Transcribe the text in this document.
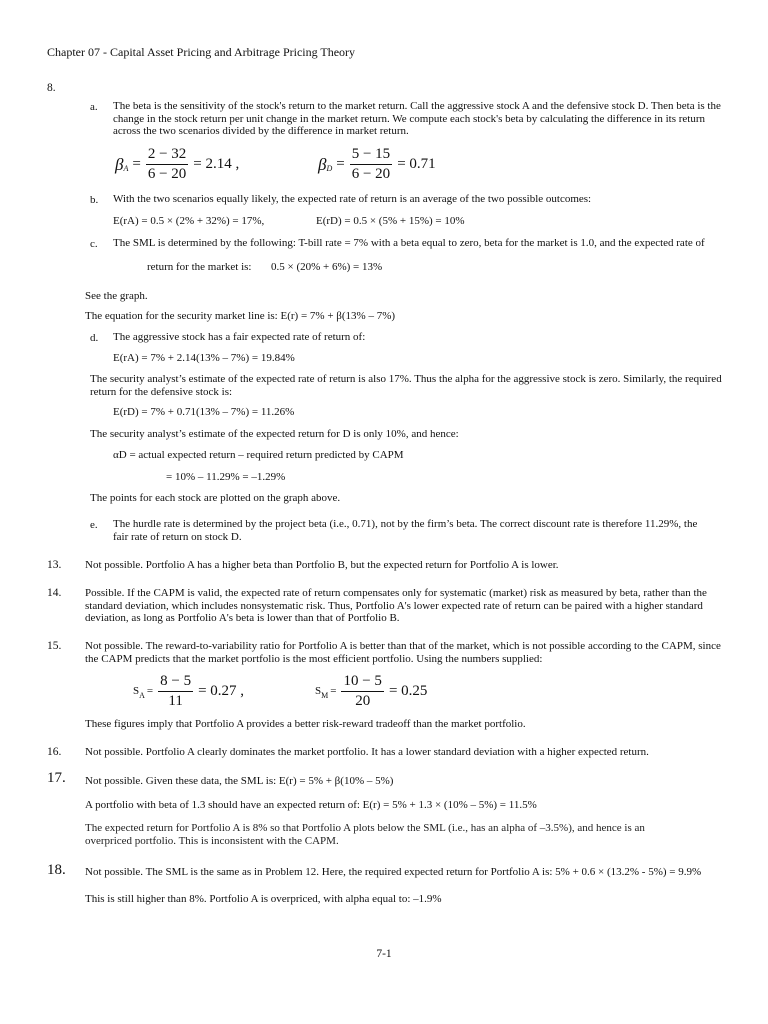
Chapter 07 - Capital Asset Pricing and Arbitrage Pricing Theory
8.
a. The beta is the sensitivity of the stock's return to the market return. Call the aggressive stock A and the defensive stock D. Then beta is the change in the stock return per unit change in the market return. We compute each stock's beta by calculating the difference in its return across the two scenarios divided by the difference in market return.
β $A = \frac{2 - 32}{6 - 20} = 2.14$ ,	β $D = \frac{5 - 15}{6 - 20} = 0.71$
b. With the two scenarios equally likely, the expected rate of return is an average of the two possible outcomes:
E(rA) = 0.5 × (2% + 32%) = 17%,	E(rD) = 0.5 × (5% + 15%) = 10%
c. The SML is determined by the following: T-bill rate = 7% with a beta equal to zero, beta for the market is 1.0, and the expected rate of
return for the market is: 0.5 × (20% + 6%) = 13%
See the graph.
The equation for the security market line is: E(r) = 7% + β(13% – 7%)
d. The aggressive stock has a fair expected rate of return of:
E(rA) = 7% + 2.14(13% – 7%) = 19.84%
The security analyst’s estimate of the expected rate of return is also 17%. Thus the alpha for the aggressive stock is zero. Similarly, the required return for the defensive stock is:
E(rD) = 7% + 0.71(13% – 7%) = 11.26%
The security analyst’s estimate of the expected return for D is only 10%, and hence:
αD = actual expected return – required return predicted by CAPM
= 10% – 11.29% = –1.29%
The points for each stock are plotted on the graph above.
e. The hurdle rate is determined by the project beta (i.e., 0.71), not by the firm’s beta. The correct discount rate is therefore 11.29%, the fair rate of return on stock D.
13. Not possible. Portfolio A has a higher beta than Portfolio B, but the expected return for Portfolio A is lower.
14. Possible. If the CAPM is valid, the expected rate of return compensates only for systematic (market) risk as measured by beta, rather than the standard deviation, which includes nonsystematic risk. Thus, Portfolio A's lower expected rate of return can be paired with a higher standard deviation, as long as Portfolio A's beta is lower than that of Portfolio B.
15. Not possible. The reward-to-variability ratio for Portfolio A is better than that of the market, which is not possible according to the CAPM, since the CAPM predicts that the market portfolio is the most efficient portfolio. Using the numbers supplied:
S $A = \frac{8 - 5}{11} = 0.27$ ,	S $M = \frac{10 - 5}{20} = 0.25$
These figures imply that Portfolio A provides a better risk-reward tradeoff than the market portfolio.
16. Not possible. Portfolio A clearly dominates the market portfolio. It has a lower standard deviation with a higher expected return.
17. Not possible. Given these data, the SML is: E(r) = 5% + β(10% – 5%)
A portfolio with beta of 1.3 should have an expected return of: E(r) = 5% + 1.3 × (10% – 5%) = 11.5%
The expected return for Portfolio A is 8% so that Portfolio A plots below the SML (i.e., has an alpha of –3.5%), and hence is an overpriced portfolio. This is inconsistent with the CAPM.
18. Not possible. The SML is the same as in Problem 12. Here, the required expected return for Portfolio A is: 5% + 0.6 × (13.2% - 5%) = 9.9%
This is still higher than 8%. Portfolio A is overpriced, with alpha equal to: –1.9%
7-1
